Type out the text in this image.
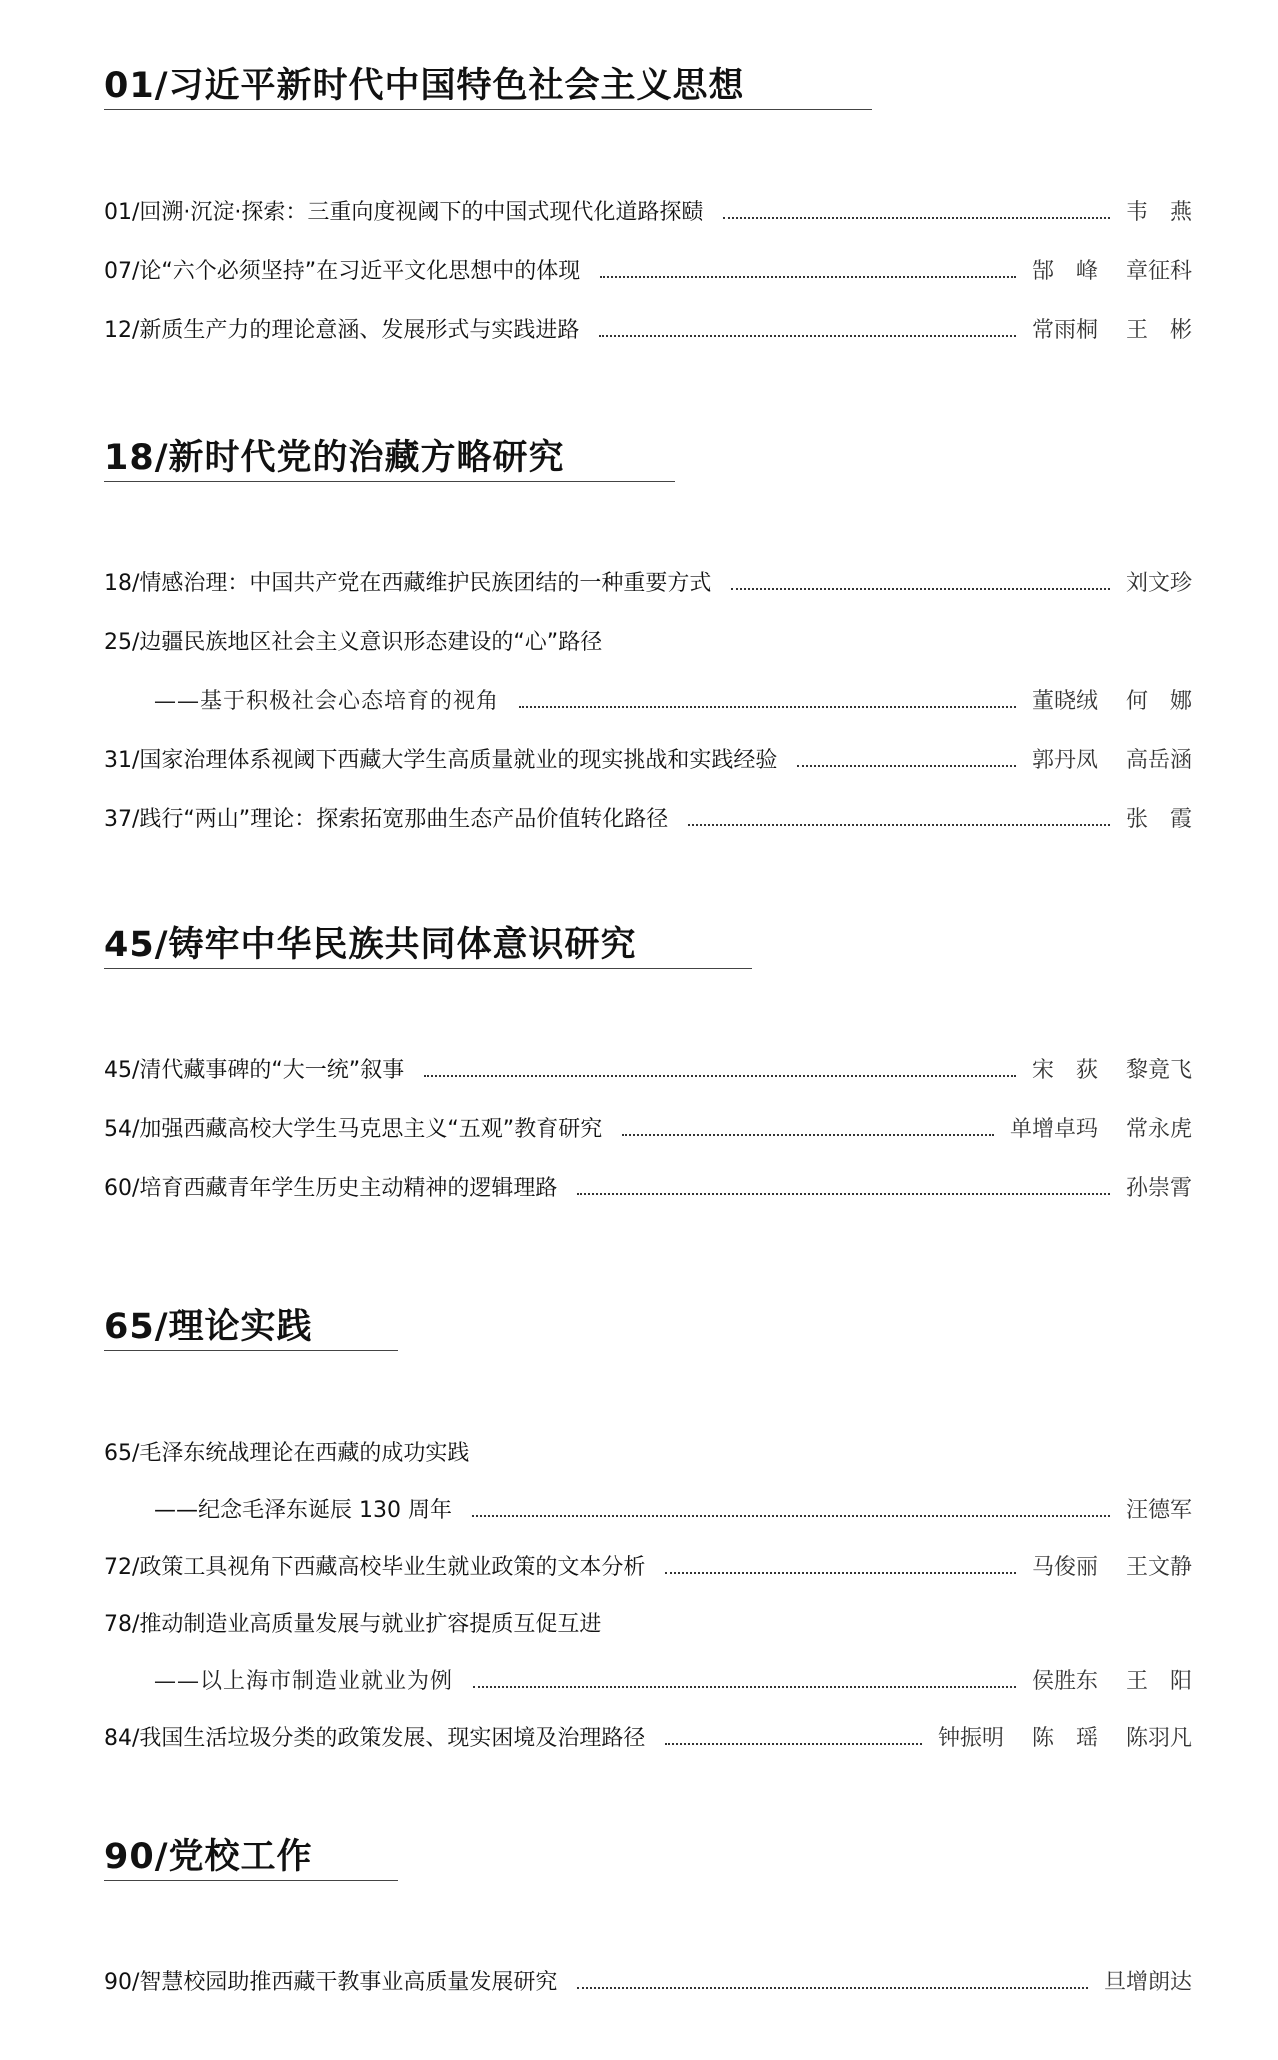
01/习近平新时代中国特色社会主义思想
01/回溯·沉淀·探索：三重向度视阈下的中国式现代化道路探赜	韦　燕
07/论“六个必须坚持”在习近平文化思想中的体现	郜　峰 章征科
12/新质生产力的理论意涵、发展形式与实践进路	常雨桐 王　彬
18/新时代党的治藏方略研究
18/情感治理：中国共产党在西藏维护民族团结的一种重要方式	刘文珍
25/边疆民族地区社会主义意识形态建设的“心”路径
——基于积极社会心态培育的视角	董晓绒 何　娜
31/国家治理体系视阈下西藏大学生高质量就业的现实挑战和实践经验	郭丹凤 高岳涵
37/践行“两山”理论：探索拓宽那曲生态产品价值转化路径	张　霞
45/铸牢中华民族共同体意识研究
45/清代藏事碑的“大一统”叙事	宋　荻 黎竟飞
54/加强西藏高校大学生马克思主义“五观”教育研究	单增卓玛 常永虎
60/培育西藏青年学生历史主动精神的逻辑理路	孙崇霄
65/理论实践
65/毛泽东统战理论在西藏的成功实践
——纪念毛泽东诞辰 130 周年	汪德军
72/政策工具视角下西藏高校毕业生就业政策的文本分析	马俊丽 王文静
78/推动制造业高质量发展与就业扩容提质互促互进
——以上海市制造业就业为例	侯胜东 王　阳
84/我国生活垃圾分类的政策发展、现实困境及治理路径	钟振明 陈　瑶 陈羽凡
90/党校工作
90/智慧校园助推西藏干教事业高质量发展研究	旦增朗达
